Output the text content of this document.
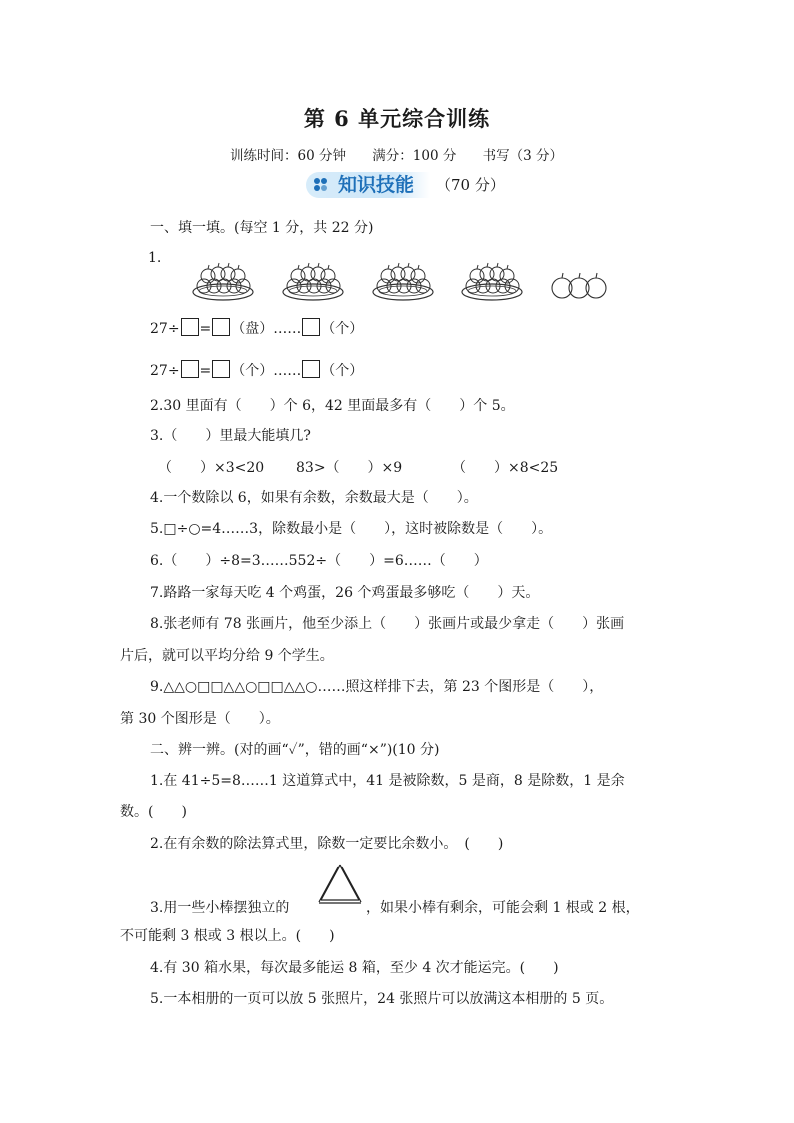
第 6 单元综合训练
训练时间：60 分钟 满分：100 分 书写（3 分）
知识技能 （70 分）
一、填一填。(每空 1 分，共 22 分)
1.
27÷ = （盘）…… （个）
27÷ = （个）…… （个）
2.30 里面有（　　）个 6，42 里面最多有（　　）个 5。
3.（　　）里最大能填几?
（　　）×3<20 83>（　　）×9	（　　）×8<25
4.一个数除以 6，如果有余数，余数最大是（　　）。
5.□÷○=4……3，除数最小是（　　），这时被除数是（　　）。
6.（　　）÷8=3……552÷（　　）=6……（　　）
7.路路一家每天吃 4 个鸡蛋，26 个鸡蛋最多够吃（　　）天。
8.张老师有 78 张画片，他至少添上（　　）张画片或最少拿走（　　）张画
片后，就可以平均分给 9 个学生。
9.△△○□□△△○□□△△○……照这样排下去，第 23 个图形是（　　），
第 30 个图形是（　　）。
二、辨一辨。(对的画“✓”，错的画“×”)(10 分)
1.在 41÷5=8……1 这道算式中，41 是被除数，5 是商，8 是除数，1 是余
数。(　　)
2.在有余数的除法算式里，除数一定要比余数小。　(　　)
3.用一些小棒摆独立的	，如果小棒有剩余，可能会剩 1 根或 2 根，
不可能剩 3 根或 3 根以上。(　　)
4.有 30 箱水果，每次最多能运 8 箱，至少 4 次才能运完。(　　)
5.一本相册的一页可以放 5 张照片，24 张照片可以放满这本相册的 5 页。
